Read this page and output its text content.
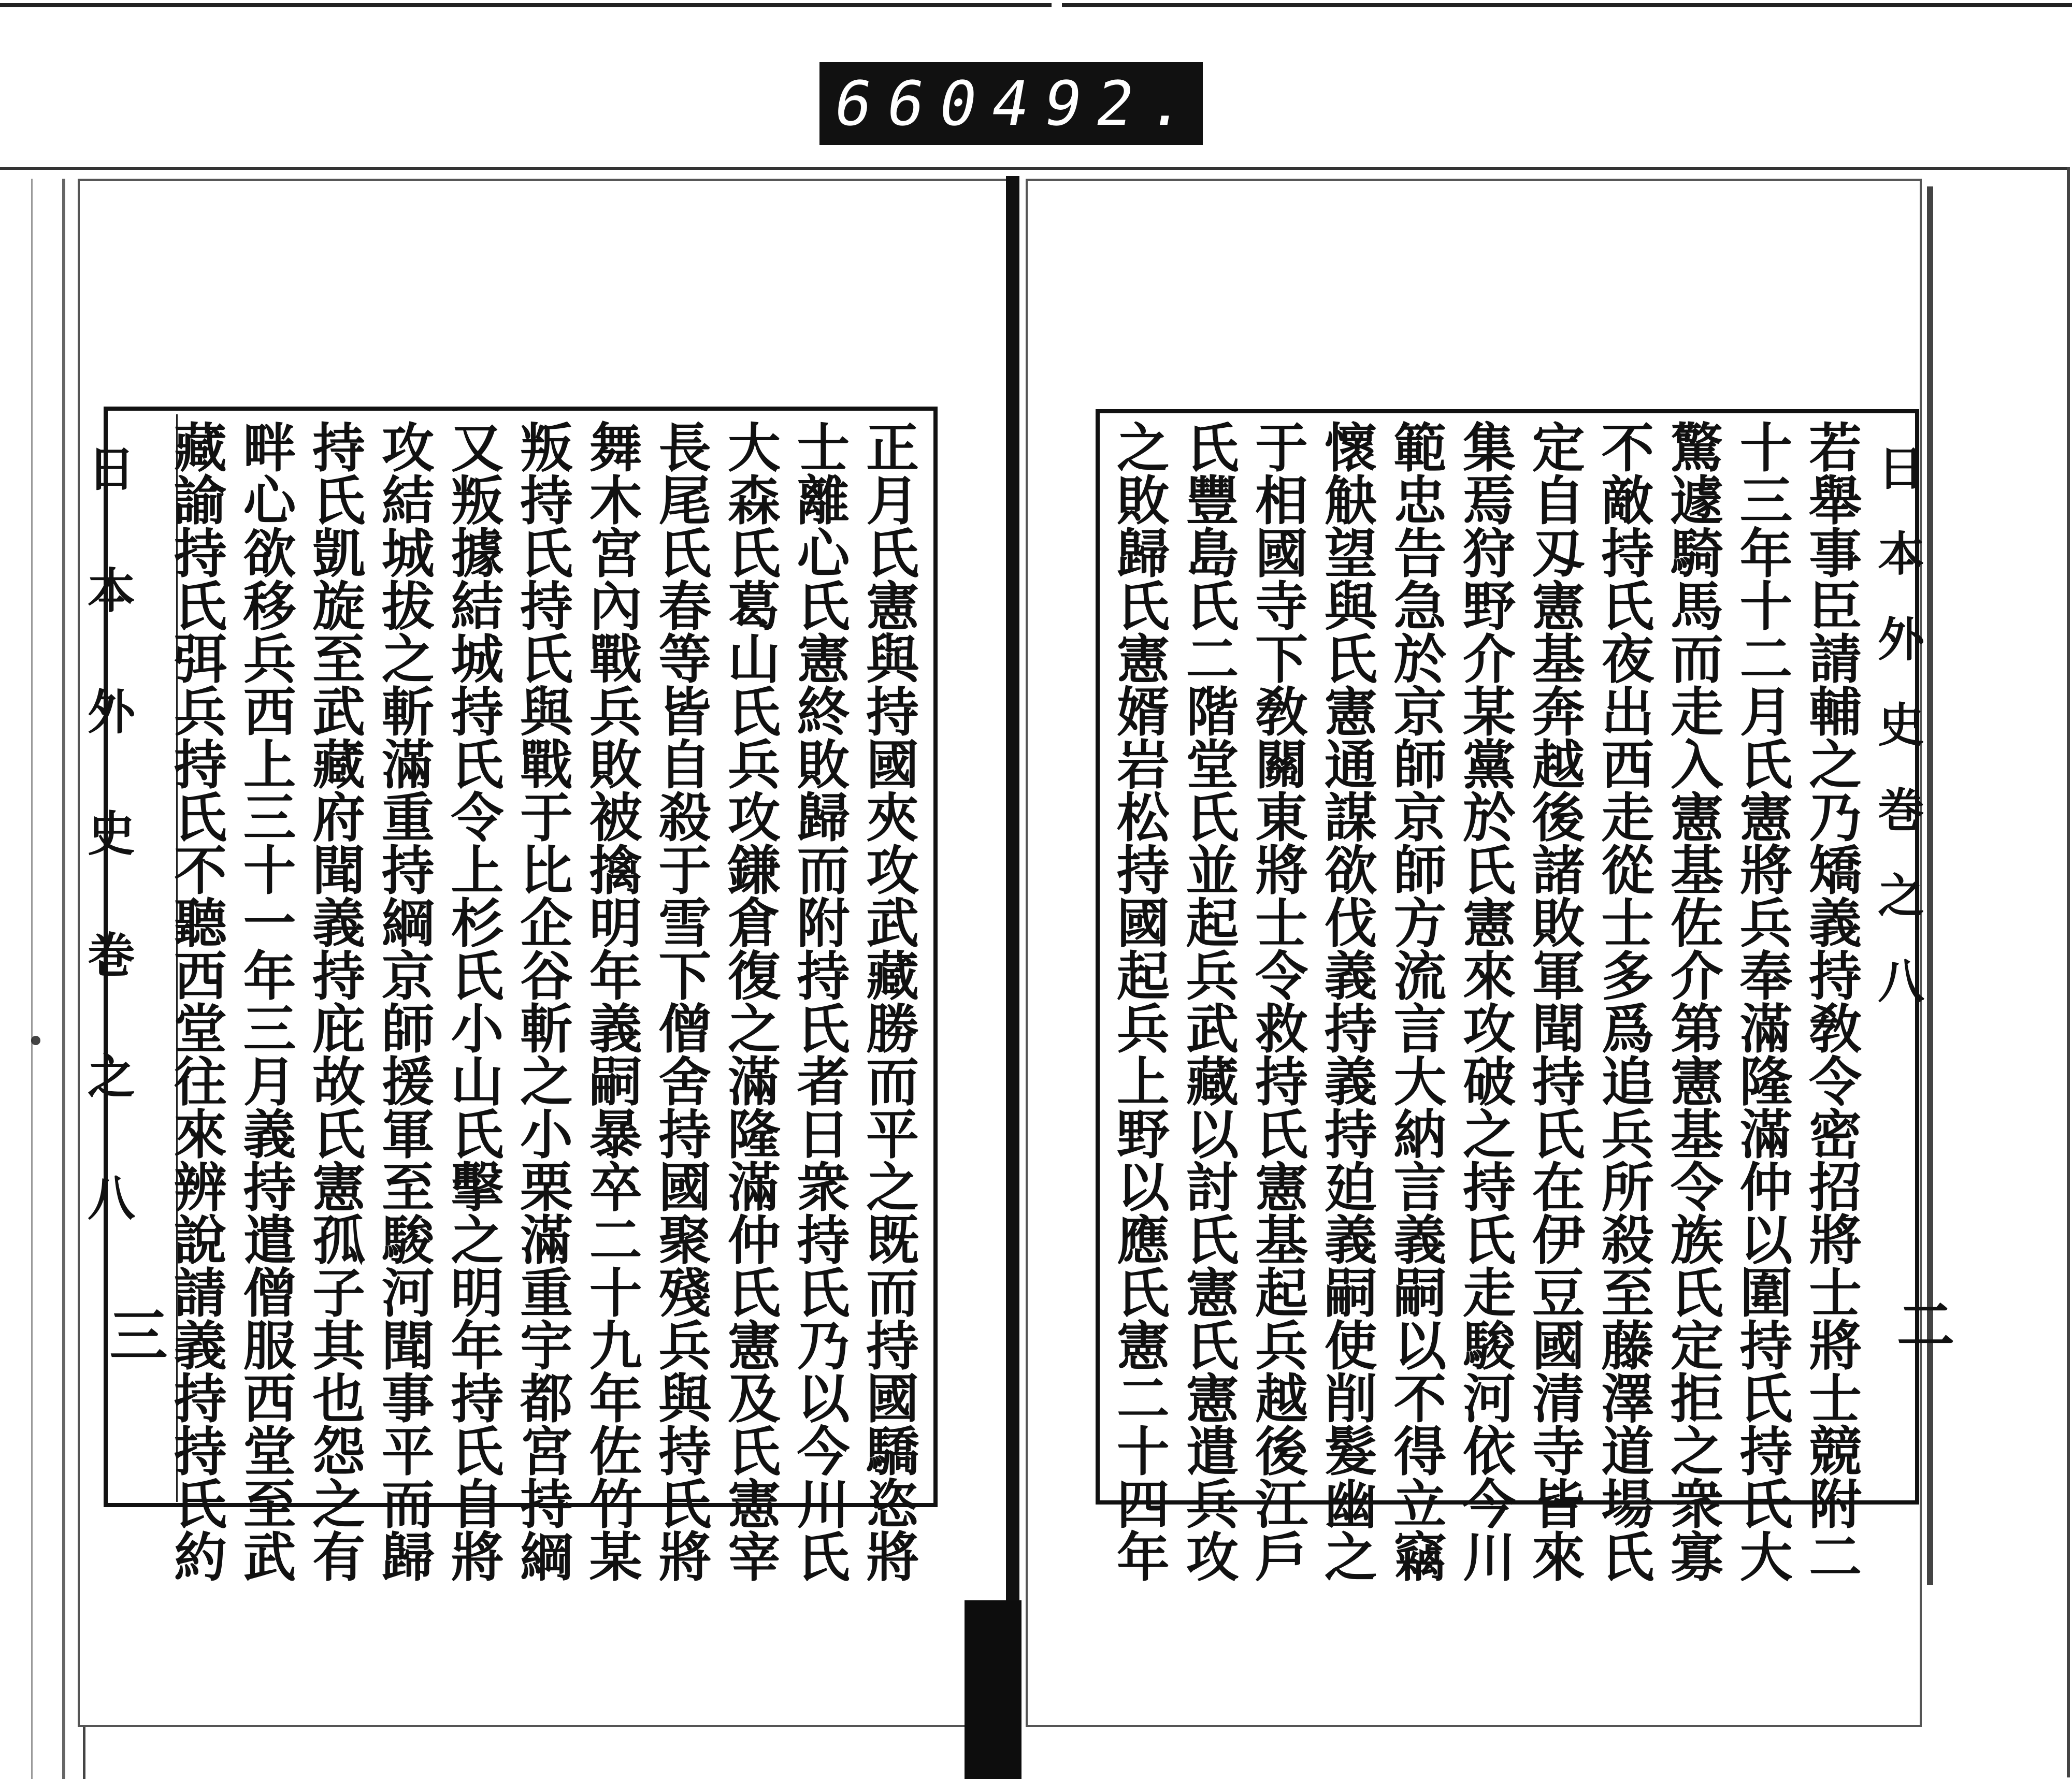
660
492.
日
本
外
史
巻
之
八
三
日
本
外
史
巻
之
八
二
正
月
氏
憲
與
持
國
夾
攻
武
藏
勝
而
平
之
既
而
持
國
驕
恣
將
士
離
心
氏
憲
終
敗
歸
而
附
持
氏
者
日
衆
持
氏
乃
以
今
川
氏
大
森
氏
葛
山
氏
兵
攻
鎌
倉
復
之
滿
隆
滿
仲
氏
憲
及
氏
憲
宰
長
尾
氏
春
等
皆
自
殺
于
雪
下
僧
舍
持
國
聚
殘
兵
與
持
氏
將
舞
木
宮
內
戰
兵
敗
被
擒
明
年
義
嗣
暴
卒
二
十
九
年
佐
竹
某
叛
持
氏
持
氏
與
戰
于
比
企
谷
斬
之
小
栗
滿
重
宇
都
宮
持
綱
又
叛
據
結
城
持
氏
令
上
杉
氏
小
山
氏
擊
之
明
年
持
氏
自
將
攻
結
城
拔
之
斬
滿
重
持
綱
京
師
援
軍
至
駿
河
聞
事
平
而
歸
持
氏
凱
旋
至
武
藏
府
聞
義
持
庇
故
氏
憲
孤
子
其
也
怨
之
有
畔
心
欲
移
兵
西
上
三
十
一
年
三
月
義
持
遣
僧
服
西
堂
至
武
藏
諭
持
氏
弭
兵
持
氏
不
聽
西
堂
往
來
辨
說
請
義
持
持
氏
約
若
舉
事
臣
請
輔
之
乃
矯
義
持
敎
令
密
招
將
士
將
士
競
附
二
十
三
年
十
二
月
氏
憲
將
兵
奉
滿
隆
滿
仲
以
圍
持
氏
持
氏
大
驚
遽
騎
馬
而
走
入
憲
基
佐
介
第
憲
基
令
族
氏
定
拒
之
衆
寡
不
敵
持
氏
夜
出
西
走
從
士
多
爲
追
兵
所
殺
至
藤
澤
道
場
氏
定
自
刄
憲
基
奔
越
後
諸
敗
軍
聞
持
氏
在
伊
豆
國
清
寺
皆
來
集
焉
狩
野
介
某
黨
於
氏
憲
來
攻
破
之
持
氏
走
駿
河
依
今
川
範
忠
告
急
於
京
師
京
師
方
流
言
大
納
言
義
嗣
以
不
得
立
竊
懷
觖
望
與
氏
憲
通
謀
欲
伐
義
持
義
持
廹
義
嗣
使
削
髮
幽
之
于
相
國
寺
下
敎
關
東
將
士
令
救
持
氏
憲
基
起
兵
越
後
江
戶
氏
豐
島
氏
二
階
堂
氏
並
起
兵
武
藏
以
討
氏
憲
氏
憲
遣
兵
攻
之
敗
歸
氏
憲
婿
岩
松
持
國
起
兵
上
野
以
應
氏
憲
二
十
四
年
